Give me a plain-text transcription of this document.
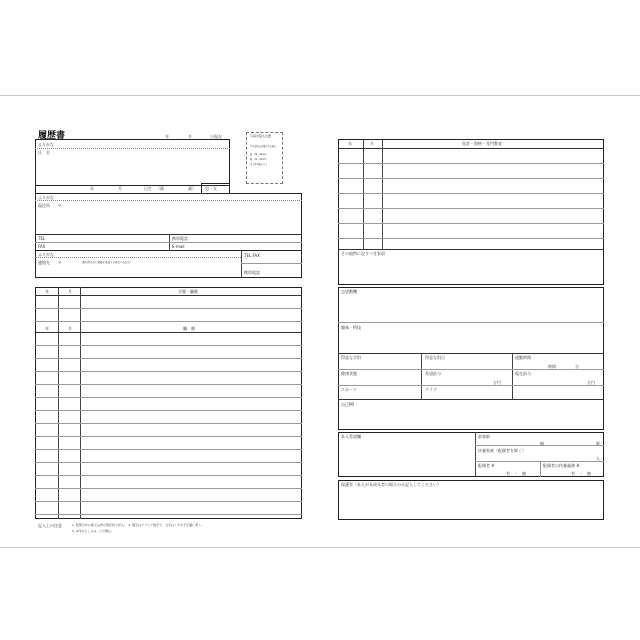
履歴書	年	月	日現在
ふりがな
氏　名
年	月	日生 （満	歳） 男・女
写真を貼る位置
写真を貼る必要がある場合
縦　36～40mm
横　24～30mm
本人単身胸から上
ふりがな
現住所 〒
TEL	携帯電話
FAX	E-mail
ふりがな
連絡先 〒	（現住所以外に連絡を希望する場合のみ記入）
TEL.FAX
携帯電話
年	月	学歴・職歴
年	月	職　歴
記入上の注意	1. 鉛筆以外の黒又は青の筆記具で記入。　2. 数字はアラビア数字で、文字はくずさず正確に書く。
3. ※印のところは、○で囲む。
年	月	免許・資格・専門教育
その他特に記すべき事項
志望動機
趣味・特技
得意な学科	得意な科目	通勤時間
時間	分
健康状態	希望給与
万円
現在給与
万円
スポーツ	クラブ
自己PR
本人希望欄	最寄駅
線	駅
扶養家族（配偶者を除く）
人
配偶者 ※
有　・　無
配偶者の扶養義務 ※
有　・　無
保護者（本人が未成年者の場合のみ記入してください）
